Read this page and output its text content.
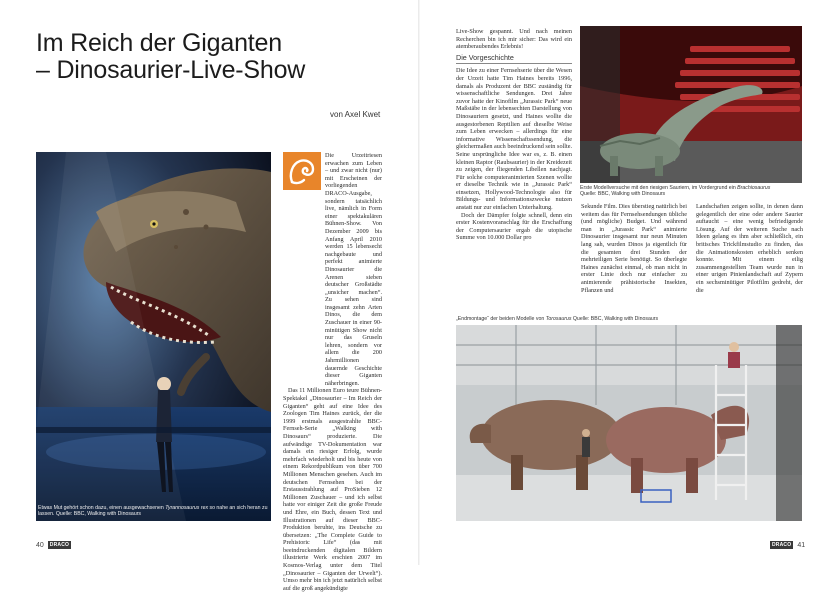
Im Reich der Giganten
– Dinosaurier-Live-Show
von Axel Kwet
Etwas Mut gehört schon dazu, einen ausgewachsenen Tyrannosaurus rex so nahe an sich heran zu lassen. Quelle: BBC, Walking with Dinosaurs

Die Urzeitriesen erwachen zum Leben – und zwar nicht (nur) mit Erscheinen der vorliegenden DRACO-Ausgabe, sondern tatsächlich live, nämlich in Form einer spektakulären Bühnen-Show. Von Dezember 2009 bis Anfang April 2010 werden 15 lebensecht nachgebaute und perfekt animierte Dinosaurier die Arenen sieben deutscher Großstädte „unsicher machen“. Zu sehen sind insgesamt zehn Arten Dinos, die dem Zuschauer in einer 90-minütigen Show nicht nur das Gruseln lehren, sondern vor allem die 200 Jahrmillionen dauernde Geschichte dieser Giganten näherbringen.

Das 11 Millionen Euro teure Bühnen-Spektakel „Dinosaurier – Im Reich der Giganten“ geht auf eine Idee des Zoologen Tim Haines zurück, der die 1999 erstmals ausgestrahlte BBC-Fernseh-Serie „Walking with Dinosaurs“ produzierte. Die aufwändige TV-Dokumentation war damals ein riesiger Erfolg, wurde mehrfach wiederholt und bis heute von einem Rekordpublikum von über 700 Millionen Menschen gesehen. Auch im deutschen Fernsehen bei der Erstausstrahlung auf ProSieben 12 Millionen Zuschauer – und ich selbst hatte vor einiger Zeit die große Freude und Ehre, ein Buch, dessen Text und Illustrationen auf dieser BBC-Produktion beruhte, ins Deutsche zu übersetzen: „The Complete Guide to Prehistoric Life“ (das mit beeindruckenden digitalen Bildern illustrierte Werk erschien 2007 im Kosmos-Verlag unter dem Titel „Dinosaurier – Giganten der Urwelt“). Umso mehr bin ich jetzt natürlich selbst auf die groß angekündigte

40	DRACO

Live-Show gespannt. Und nach meinen Recherchen bin ich mir sicher: Das wird ein atemberaubendes Erlebnis!

Die Vorgeschichte

Die Idee zu einer Fernsehserie über die Wesen der Urzeit hatte Tim Haines bereits 1996, damals als Produzent der BBC zuständig für wissenschaftliche Sendungen. Drei Jahre zuvor hatte der Kinofilm „Jurassic Park“ neue Maßstäbe in der lebensechten Darstellung von Dinosauriern gesetzt, und Haines wollte die ausgestorbenen Reptilien auf dieselbe Weise zum Leben erwecken – allerdings für eine informative Wissenschaftssendung, die gleichermaßen auch beeindruckend sein sollte. Seine ursprüngliche Idee war es, z. B. einen kleinen Raptor (Raubsaurier) in der Kreidezeit zu zeigen, der fliegenden Libellen nachjagt. Für solche computeranimierten Szenen wollte er dieselbe Technik wie in „Jurassic Park“ einsetzen, Hollywood-Technologie also für Bildungs- und Informationszwecke nutzen anstatt nur zur einfachen Unterhaltung.

Doch der Dämpfer folgte schnell, denn ein erster Kostenvoranschlag für die Erschaffung der Computersaurier ergab die utopische Summe von 10.000 Dollar pro

Erste Modellversuche mit den riesigen Sauriern, im Vordergrund ein Brachiosaurus
Quelle: BBC, Walking with Dinosaurs

Sekunde Film. Dies überstieg natürlich bei weitem das für Fernsehsendungen übliche (und mögliche) Budget. Und während man in „Jurassic Park“ animierte Dinosaurier insgesamt nur neun Minuten lang sah, wurden Dinos ja eigentlich für die gesamten drei Stunden der mehrteiligen Serie benötigt. So überlegte Haines zunächst einmal, ob man nicht in erster Linie doch nur einfacher zu animierende prähistorische Insekten, Pflanzen und

Landschaften zeigen sollte, in denen dann gelegentlich der eine oder andere Saurier auftaucht – eine wenig befriedigende Lösung. Auf der weiteren Suche nach Ideen gelang es ihm aber schließlich, ein britisches Trickfilmstudio zu finden, das die Animationskosten erheblich senken konnte. Mit einem eilig zusammengestellten Team wurde nun in einer urigen Pinienlandschaft auf Zypern ein sechsminütiger Pilotfilm gedreht, der die

„Endmontage“ der beiden Modelle von Torosaurus Quelle: BBC, Walking with Dinosaurs
DRACO 41
